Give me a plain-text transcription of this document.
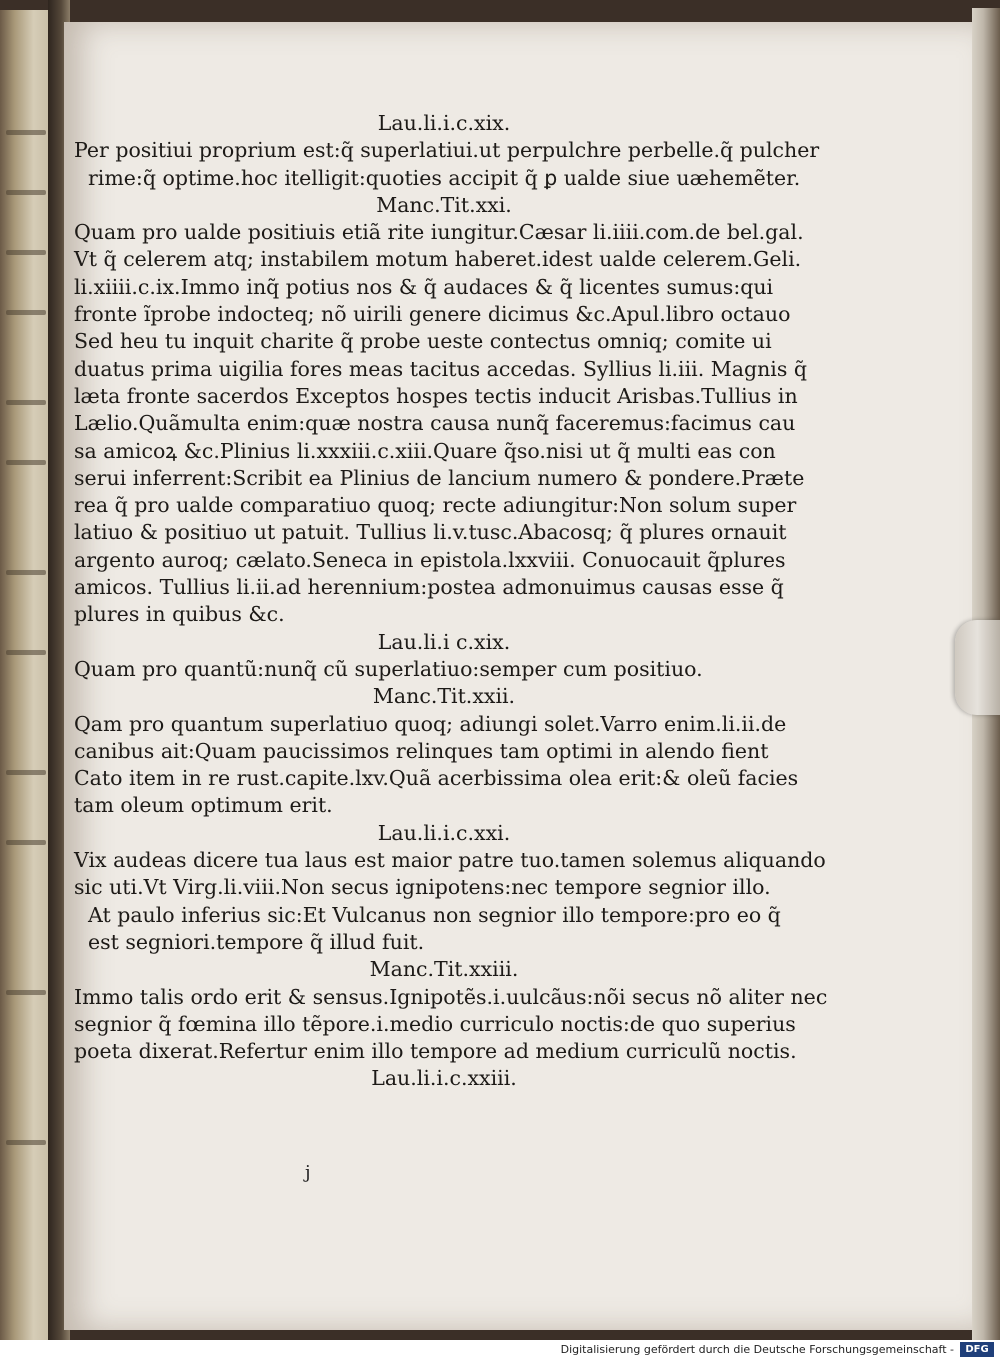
Lau.li.i.c.xix.
Per positiui proprium est:q̃ superlatiui.ut perpulchre perbelle.q̃ pulcher
rime:q̃ optime.hoc itelligit:quoties accipit q̃ ꝑ ualde siue uæhemẽter.
Manc.Tit.xxi.
Quam pro ualde positiuis etiã rite iungitur.Cæsar li.iiii.com.de bel.gal.
Vt q̃ celerem atq; instabilem motum haberet.idest ualde celerem.Geli.
li.xiiii.c.ix.Immo inq̃ potius nos & q̃ audaces & q̃ licentes sumus:qui
fronte ĩprobe indocteq; nõ uirili genere dicimus &c.Apul.libro octauo
Sed heu tu inquit charite q̃ probe ueste contectus omniq; comite ui
duatus prima uigilia fores meas tacitus accedas. Syllius li.iii. Magnis q̃
læta fronte sacerdos Exceptos hospes tectis inducit Arisbas.Tullius in
Lælio.Quãmulta enim:quæ nostra causa nunq̃ faceremus:facimus cau
sa amicoꝝ &c.Plinius li.xxxiii.c.xiii.Quare q̃so.nisi ut q̃ multi eas con
serui inferrent:Scribit ea Plinius de lancium numero & pondere.Præte
rea q̃ pro ualde comparatiuo quoq; recte adiungitur:Non solum super
latiuo & positiuo ut patuit. Tullius li.v.tusc.Abacosq; q̃ plures ornauit
argento auroq; cælato.Seneca in epistola.lxxviii. Conuocauit q̃plures
amicos. Tullius li.ii.ad herennium:postea admonuimus causas esse q̃
plures in quibus &c.
Lau.li.i c.xix.
Quam pro quantũ:nunq̃ cũ superlatiuo:semper cum positiuo.
Manc.Tit.xxii.
Qam pro quantum superlatiuo quoq; adiungi solet.Varro enim.li.ii.de
canibus ait:Quam paucissimos relinques tam optimi in alendo fient
Cato item in re rust.capite.lxv.Quã acerbissima olea erit:& oleũ facies
tam oleum optimum erit.
Lau.li.i.c.xxi.
Vix audeas dicere tua laus est maior patre tuo.tamen solemus aliquando
sic uti.Vt Virg.li.viii.Non secus ignipotens:nec tempore segnior illo.
At paulo inferius sic:Et Vulcanus non segnior illo tempore:pro eo q̃
est segniori.tempore q̃ illud fuit.
Manc.Tit.xxiii.
Immo talis ordo erit & sensus.Ignipotẽs.i.uulcãus:nõi secus nõ aliter nec
segnior q̃ fœmina illo tẽpore.i.medio curriculo noctis:de quo superius
poeta dixerat.Refertur enim illo tempore ad medium curriculũ noctis.
Lau.li.i.c.xxiii.
j
Digitalisierung gefördert durch die Deutsche Forschungsgemeinschaft -	DFG
